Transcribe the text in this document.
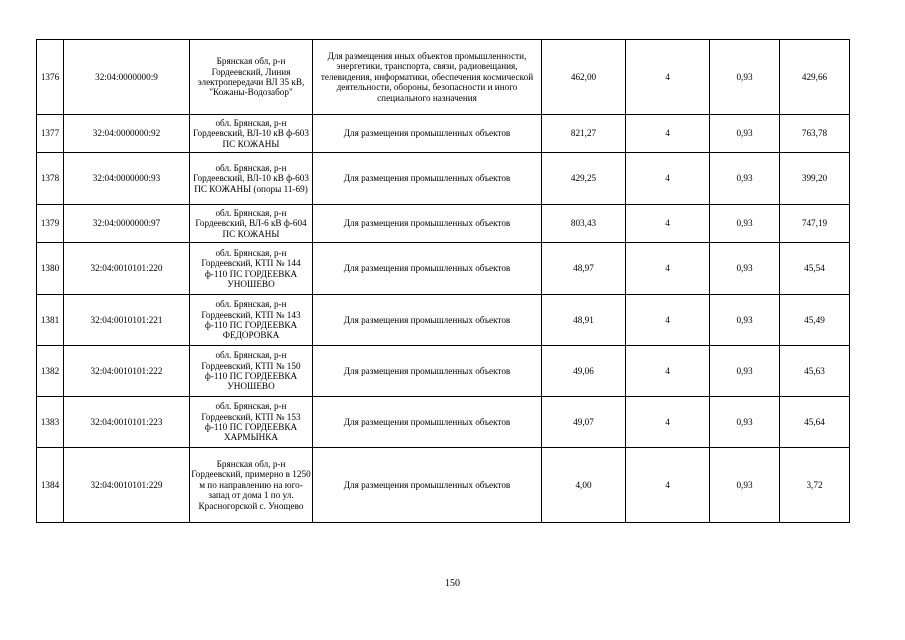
1376	32:04:0000000:9	Брянская обл, р-н Гордеевский, Линия электропередачи ВЛ 35 кВ, "Кожаны-Водозабор"	Для размещения иных объектов промышленности, энергетики, транспорта, связи, радиовещания, телевидения, информатики, обеспечения космической деятельности, обороны, безопасности и иного специального назначения	462,00	4	0,93	429,66
1377	32:04:0000000:92	обл. Брянская, р-н Гордеевский, ВЛ-10 кВ ф-603 ПС КОЖАНЫ	Для размещения промышленных объектов	821,27	4	0,93	763,78
1378	32:04:0000000:93	обл. Брянская, р-н Гордеевский, ВЛ-10 кВ ф-603 ПС КОЖАНЫ (опоры 11-69)	Для размещения промышленных объектов	429,25	4	0,93	399,20
1379	32:04:0000000:97	обл. Брянская, р-н Гордеевский, ВЛ-6 кВ ф-604 ПС КОЖАНЫ	Для размещения промышленных объектов	803,43	4	0,93	747,19
1380	32:04:0010101:220	обл. Брянская, р-н Гордеевский, КТП № 144 ф-110 ПС ГОРДЕЕВКА УНОШЕВО	Для размещения промышленных объектов	48,97	4	0,93	45,54
1381	32:04:0010101:221	обл. Брянская, р-н Гордеевский, КТП № 143 ф-110 ПС ГОРДЕЕВКА ФЕДОРОВКА	Для размещения промышленных объектов	48,91	4	0,93	45,49
1382	32:04:0010101:222	обл. Брянская, р-н Гордеевский, КТП № 150 ф-110 ПС ГОРДЕЕВКА УНОШЕВО	Для размещения промышленных объектов	49,06	4	0,93	45,63
1383	32:04:0010101:223	обл. Брянская, р-н Гордеевский, КТП № 153 ф-110 ПС ГОРДЕЕВКА ХАРМЫНКА	Для размещения промышленных объектов	49,07	4	0,93	45,64
1384	32:04:0010101:229	Брянская обл, р-н Гордеевский, примерно в 1250 м по направлению на юго- запад от дома 1 по ул. Красногорской с. Унощево	Для размещения промышленных объектов	4,00	4	0,93	3,72
150
